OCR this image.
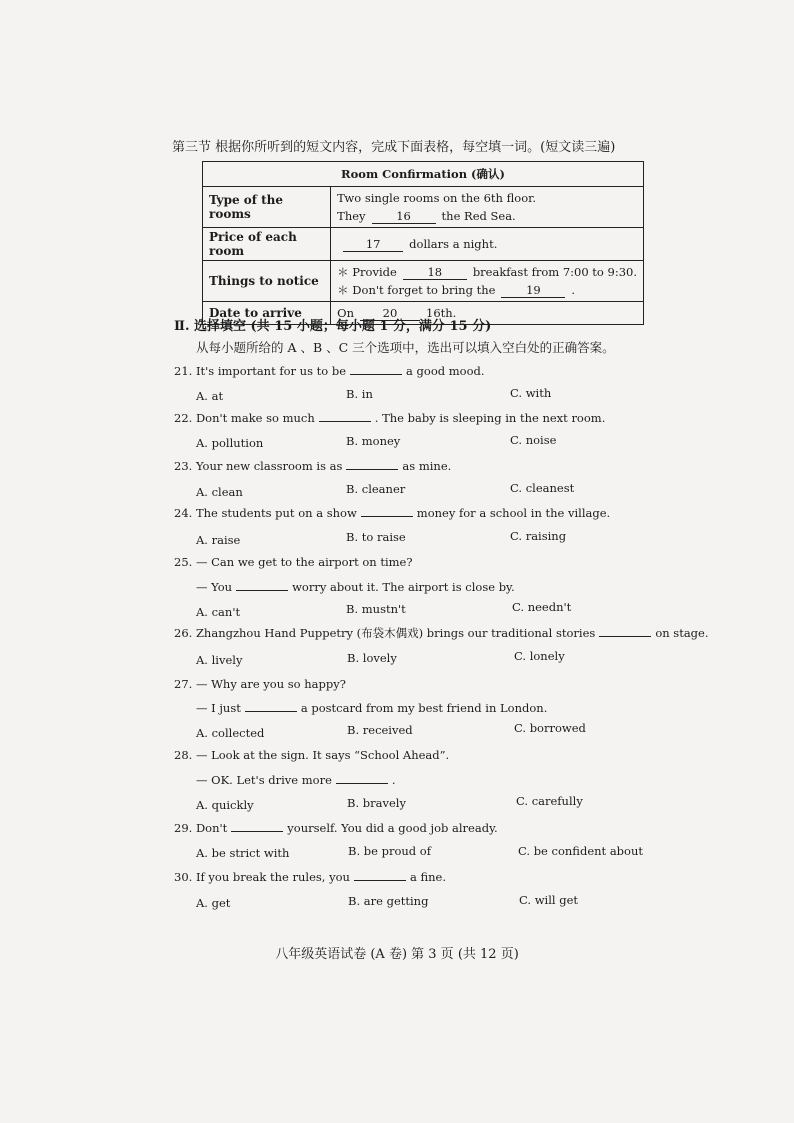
第三节 根据你所听到的短文内容，完成下面表格，每空填一词。(短文读三遍)
Room Confirmation (确认)	
Type of the rooms	Two single rooms on the 6th floor.
They 16 the Red Sea.

Price of each room	17 dollars a night.

Things to notice	＊ Provide 18 breakfast from 7:00 to 9:30.
＊ Don't forget to bring the 19 .

Date to arrive	On 20 16th.
Ⅱ. 选择填空 (共 15 小题；每小题 1 分，满分 15 分)
从每小题所给的 A 、B 、C 三个选项中，选出可以填入空白处的正确答案。
21. It's important for us to be	a good mood.
A. at	B. in	C. with
22. Don't make so much	. The baby is sleeping in the next room.
A. pollution	B. money	C. noise
23. Your new classroom is as	as mine.
A. clean	B. cleaner	C. cleanest
24. The students put on a show	money for a school in the village.
A. raise	B. to raise	C. raising
25. — Can we get to the airport on time?
— You	worry about it. The airport is close by.
A. can't	B. mustn't	C. needn't
26. Zhangzhou Hand Puppetry (布袋木偶戏) brings our traditional stories	on stage.
A. lively	B. lovely	C. lonely
27. — Why are you so happy?
— I just	a postcard from my best friend in London.
A. collected	B. received	C. borrowed
28. — Look at the sign. It says “School Ahead”.
— OK. Let's drive more	.
A. quickly	B. bravely	C. carefully
29. Don't	yourself. You did a good job already.
A. be strict with	B. be proud of	C. be confident about
30. If you break the rules, you	a fine.
A. get	B. are getting	C. will get
八年级英语试卷 (A 卷) 第 3 页 (共 12 页)
